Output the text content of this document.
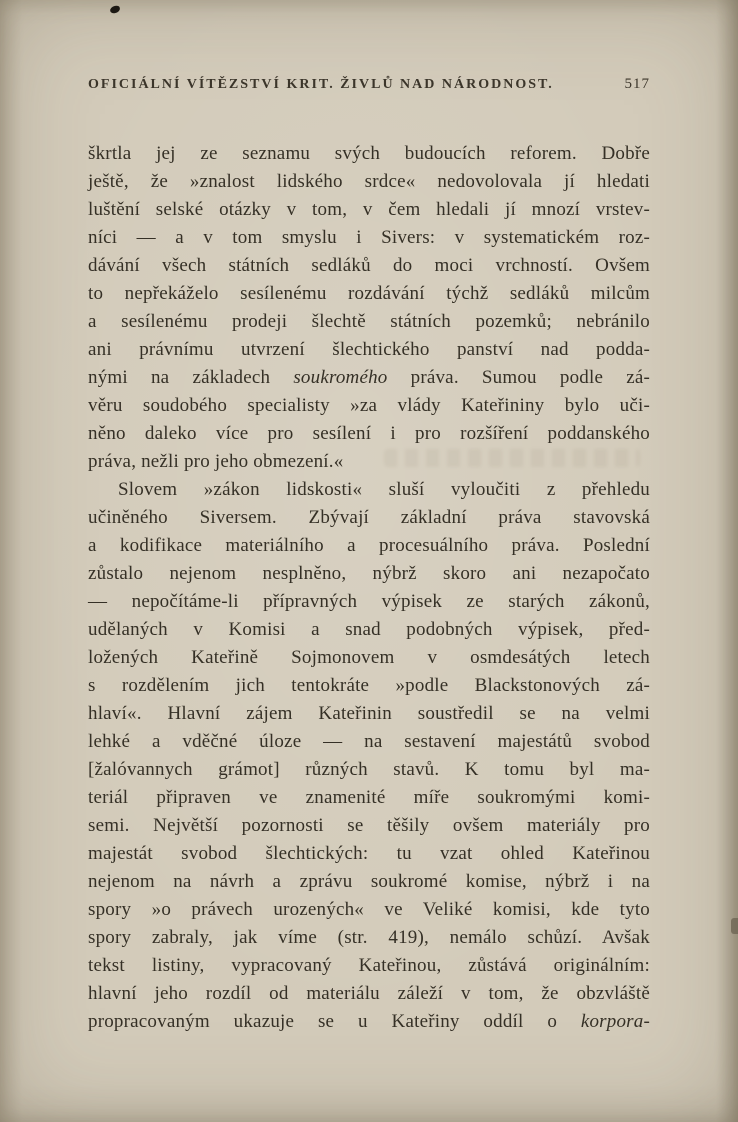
OFICIÁLNÍ VÍTĚZSTVÍ KRIT. ŽIVLŮ NAD NÁRODNOST.	517
škrtla jej ze seznamu svých budoucích reforem. Dobře
ještě, že »znalost lidského srdce« nedovolovala jí hledati
luštění selské otázky v tom, v čem hledali jí mnozí vrstev-
níci — a v tom smyslu i Sivers: v systematickém roz-
dávání všech státních sedláků do moci vrchností. Ovšem
to nepřekáželo sesílenému rozdávání týchž sedláků milcům
a sesílenému prodeji šlechtě státních pozemků; nebránilo
ani právnímu utvrzení šlechtického panství nad podda-
nými na základech soukromého práva. Sumou podle zá-
věru soudobého specialisty »za vlády Kateřininy bylo uči-
něno daleko více pro sesílení i pro rozšíření poddanského
práva, nežli pro jeho obmezení.«
Slovem »zákon lidskosti« sluší vyloučiti z přehledu
učiněného Siversem. Zbývají základní práva stavovská
a kodifikace materiálního a procesuálního práva. Poslední
zůstalo nejenom nesplněno, nýbrž skoro ani nezapočato
— nepočítáme-li přípravných výpisek ze starých zákonů,
udělaných v Komisi a snad podobných výpisek, před-
ložených Kateřině Sojmonovem v osmdesátých letech
s rozdělením jich tentokráte »podle Blackstonových zá-
hlaví«. Hlavní zájem Kateřinin soustředil se na velmi
lehké a vděčné úloze — na sestavení majestátů svobod
[žalóvannych grámot] různých stavů. K tomu byl ma-
teriál připraven ve znamenité míře soukromými komi-
semi. Největší pozornosti se těšily ovšem materiály pro
majestát svobod šlechtických: tu vzat ohled Kateřinou
nejenom na návrh a zprávu soukromé komise, nýbrž i na
spory »o právech urozených« ve Veliké komisi, kde tyto
spory zabraly, jak víme (str. 419), nemálo schůzí. Avšak
tekst listiny, vypracovaný Kateřinou, zůstává originálním:
hlavní jeho rozdíl od materiálu záleží v tom, že obzvláště
propracovaným ukazuje se u Kateřiny oddíl o korpora-
